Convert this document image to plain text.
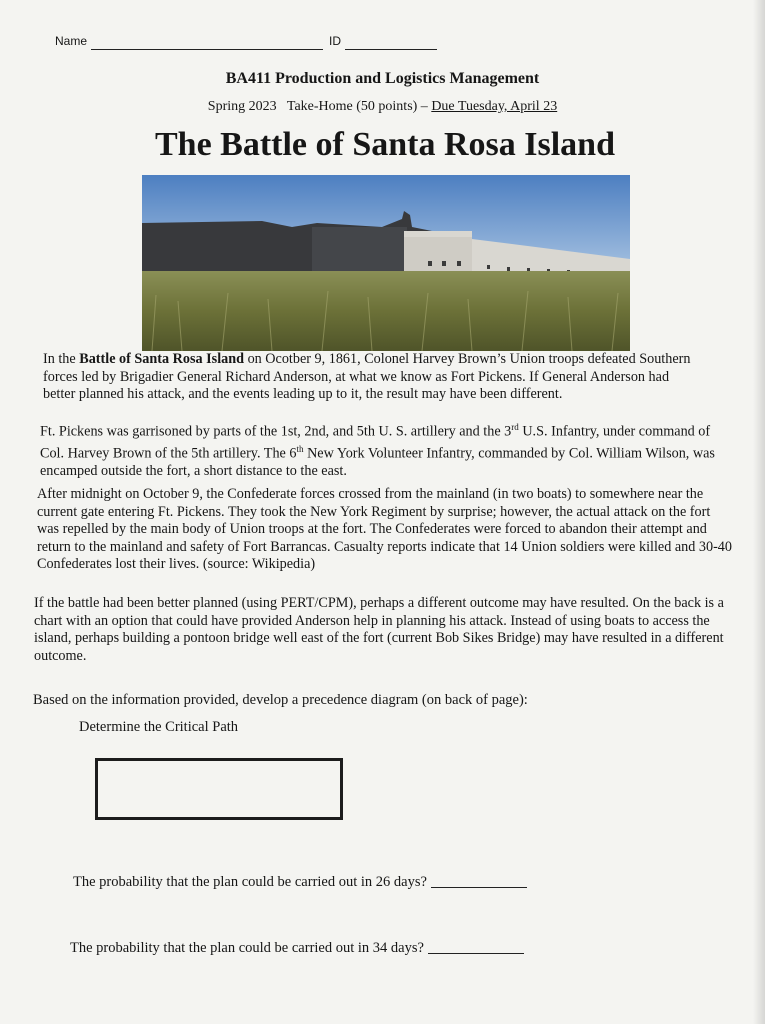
Name	ID
BA411 Production and Logistics Management
Spring 2023 Take-Home (50 points) – Due Tuesday, April 23
The Battle of Santa Rosa Island
In the Battle of Santa Rosa Island on Ocotber 9, 1861, Colonel Harvey Brown’s Union troops defeated Southern forces led by Brigadier General Richard Anderson, at what we know as Fort Pickens. If General Anderson had better planned his attack, and the events leading up to it, the result may have been different.
Ft. Pickens was garrisoned by parts of the 1st, 2nd, and 5th U. S. artillery and the 3rd U.S. Infantry, under command of Col. Harvey Brown of the 5th artillery. The 6th New York Volunteer Infantry, commanded by Col. William Wilson, was encamped outside the fort, a short distance to the east.
After midnight on October 9, the Confederate forces crossed from the mainland (in two boats) to somewhere near the current gate entering Ft. Pickens. They took the New York Regiment by surprise; however, the actual attack on the fort was repelled by the main body of Union troops at the fort. The Confederates were forced to abandon their attempt and return to the mainland and safety of Fort Barrancas. Casualty reports indicate that 14 Union soldiers were killed and 30-40 Confederates lost their lives. (source: Wikipedia)
If the battle had been better planned (using PERT/CPM), perhaps a different outcome may have resulted. On the back is a chart with an option that could have provided Anderson help in planning his attack. Instead of using boats to access the island, perhaps building a pontoon bridge well east of the fort (current Bob Sikes Bridge) may have resulted in a different outcome.
Based on the information provided, develop a precedence diagram (on back of page):
Determine the Critical Path
The probability that the plan could be carried out in 26 days?
The probability that the plan could be carried out in 34 days?
